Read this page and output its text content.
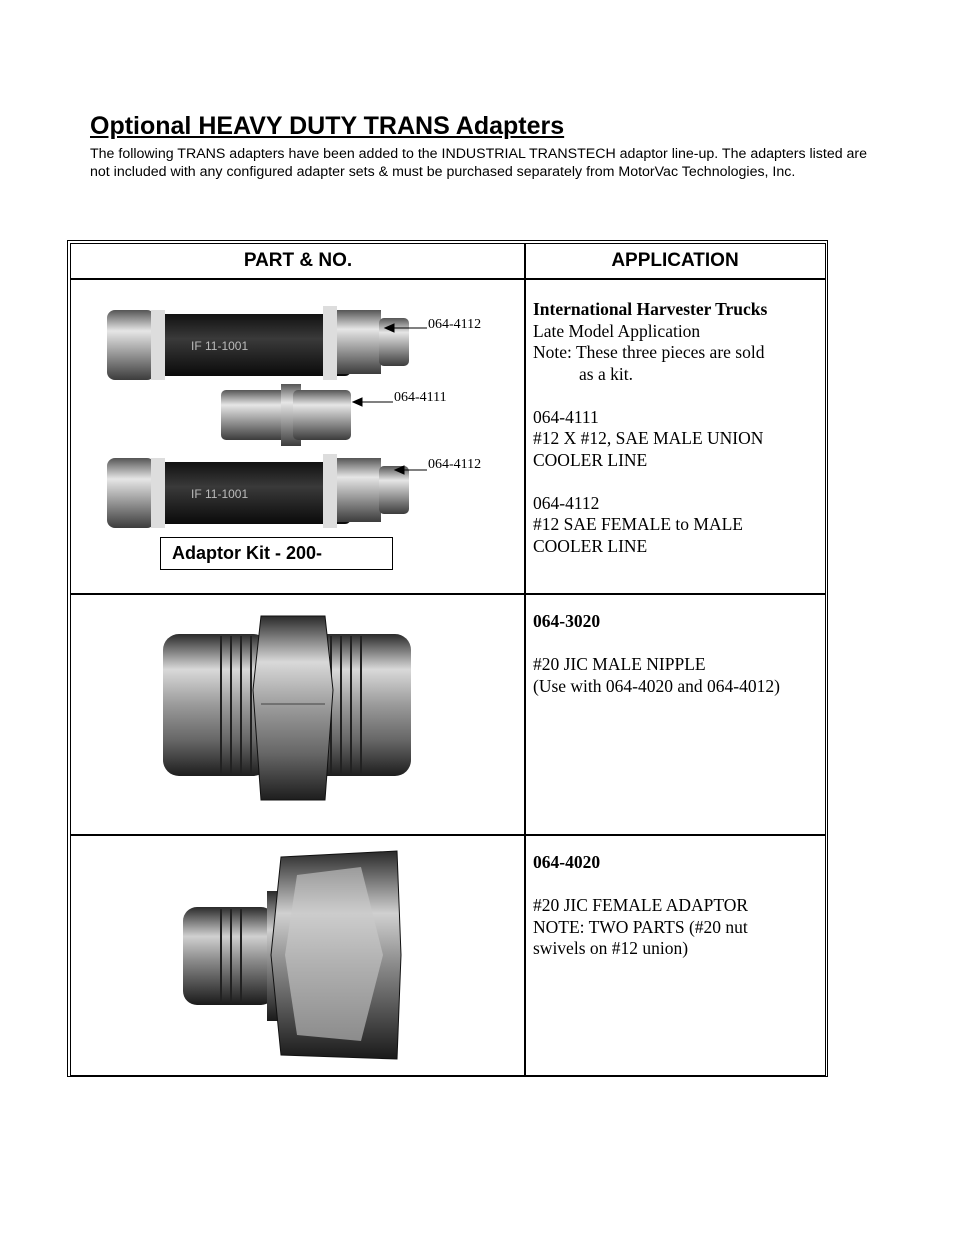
Optional HEAVY DUTY TRANS Adapters
The following TRANS adapters have been added to the INDUSTRIAL TRANSTECH adaptor line-up. The adapters listed are not included with any configured adapter sets & must be purchased separately from MotorVac Technologies, Inc.
PART & NO.	APPLICATION
IF 11-1001
IF 11-1001
064-4112
064-4111
064-4112
Adaptor Kit - 200-
International Harvester Trucks
Late Model Application
Note: These three pieces are sold
as a kit.
064-4111
#12 X #12, SAE MALE UNION
COOLER LINE
064-4112
#12 SAE FEMALE to MALE
COOLER LINE
064-3020
#20 JIC MALE NIPPLE
(Use with 064-4020 and 064-4012)
064-4020
#20 JIC FEMALE ADAPTOR
NOTE: TWO PARTS (#20 nut
swivels on #12 union)
